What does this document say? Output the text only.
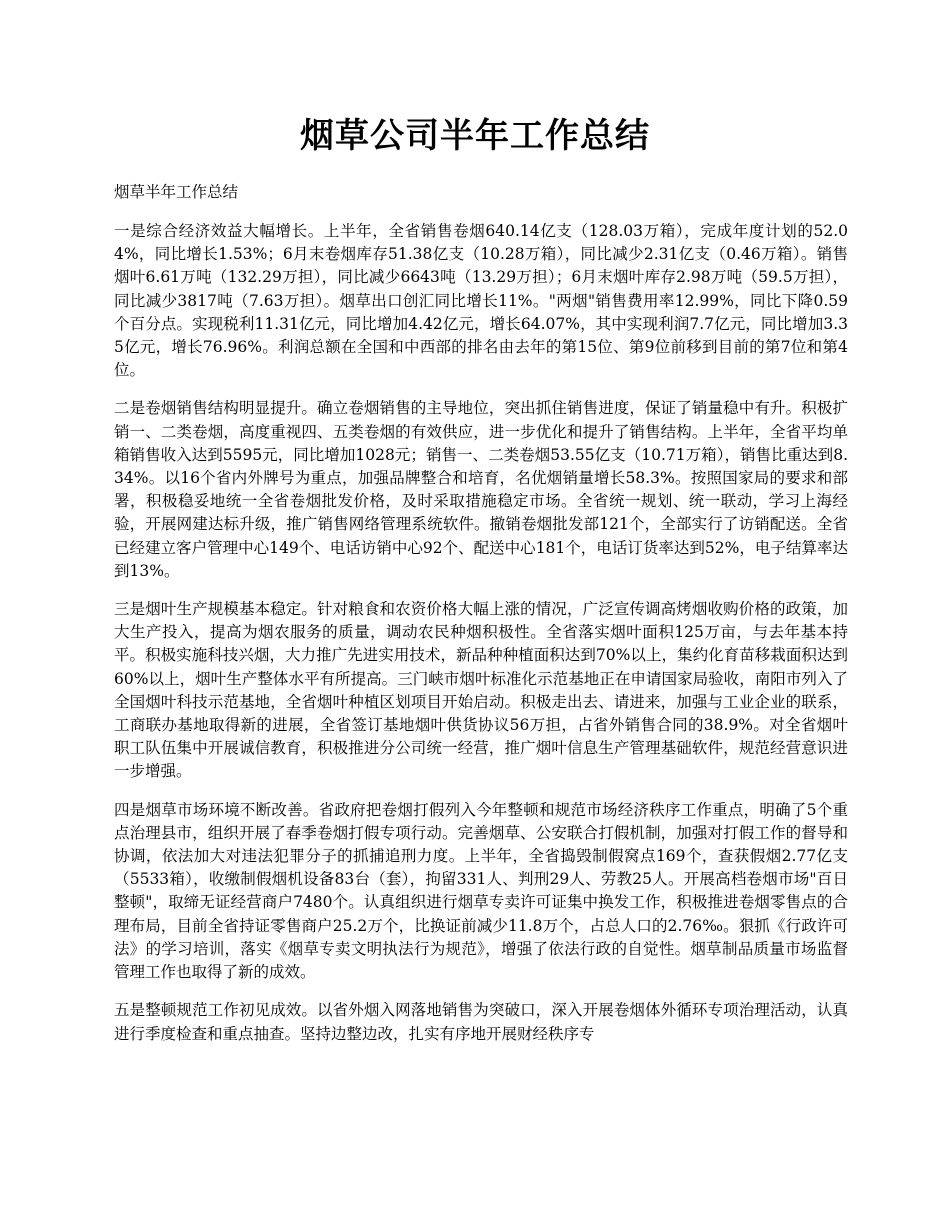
烟草公司半年工作总结
烟草半年工作总结

一是综合经济效益大幅增长。上半年，全省销售卷烟640.14亿支（128.03万箱），完成年度计划的52.04%，同比增长1.53%；6月末卷烟库存51.38亿支（10.28万箱），同比减少2.31亿支（0.46万箱）。销售烟叶6.61万吨（132.29万担），同比减少6643吨（13.29万担）；6月末烟叶库存2.98万吨（59.5万担），同比减少3817吨（7.63万担）。烟草出口创汇同比增长11%。"两烟"销售费用率12.99%，同比下降0.59个百分点。实现税利11.31亿元，同比增加4.42亿元，增长64.07%，其中实现利润7.7亿元，同比增加3.35亿元，增长76.96%。利润总额在全国和中西部的排名由去年的第15位、第9位前移到目前的第7位和第4位。

二是卷烟销售结构明显提升。确立卷烟销售的主导地位，突出抓住销售进度，保证了销量稳中有升。积极扩销一、二类卷烟，高度重视四、五类卷烟的有效供应，进一步优化和提升了销售结构。上半年，全省平均单箱销售收入达到5595元，同比增加1028元；销售一、二类卷烟53.55亿支（10.71万箱），销售比重达到8.34%。以16个省内外牌号为重点，加强品牌整合和培育，名优烟销量增长58.3%。按照国家局的要求和部署，积极稳妥地统一全省卷烟批发价格，及时采取措施稳定市场。全省统一规划、统一联动，学习上海经验，开展网建达标升级，推广销售网络管理系统软件。撤销卷烟批发部121个，全部实行了访销配送。全省已经建立客户管理中心149个、电话访销中心92个、配送中心181个，电话订货率达到52%，电子结算率达到13%。

三是烟叶生产规模基本稳定。针对粮食和农资价格大幅上涨的情况，广泛宣传调高烤烟收购价格的政策，加大生产投入，提高为烟农服务的质量，调动农民种烟积极性。全省落实烟叶面积125万亩，与去年基本持平。积极实施科技兴烟，大力推广先进实用技术，新品种种植面积达到70%以上，集约化育苗移栽面积达到60%以上，烟叶生产整体水平有所提高。三门峡市烟叶标准化示范基地正在申请国家局验收，南阳市列入了全国烟叶科技示范基地，全省烟叶种植区划项目开始启动。积极走出去、请进来，加强与工业企业的联系，工商联办基地取得新的进展，全省签订基地烟叶供货协议56万担，占省外销售合同的38.9%。对全省烟叶职工队伍集中开展诚信教育，积极推进分公司统一经营，推广烟叶信息生产管理基础软件，规范经营意识进一步增强。

四是烟草市场环境不断改善。省政府把卷烟打假列入今年整顿和规范市场经济秩序工作重点，明确了5个重点治理县市，组织开展了春季卷烟打假专项行动。完善烟草、公安联合打假机制，加强对打假工作的督导和协调，依法加大对违法犯罪分子的抓捕追刑力度。上半年，全省捣毁制假窝点169个，查获假烟2.77亿支（5533箱），收缴制假烟机设备83台（套），拘留331人、判刑29人、劳教25人。开展高档卷烟市场"百日整顿"，取缔无证经营商户7480个。认真组织进行烟草专卖许可证集中换发工作，积极推进卷烟零售点的合理布局，目前全省持证零售商户25.2万个，比换证前减少11.8万个，占总人口的2.76‰。狠抓《行政许可法》的学习培训，落实《烟草专卖文明执法行为规范》，增强了依法行政的自觉性。烟草制品质量市场监督管理工作也取得了新的成效。

五是整顿规范工作初见成效。以省外烟入网落地销售为突破口，深入开展卷烟体外循环专项治理活动，认真进行季度检查和重点抽查。坚持边整边改，扎实有序地开展财经秩序专
